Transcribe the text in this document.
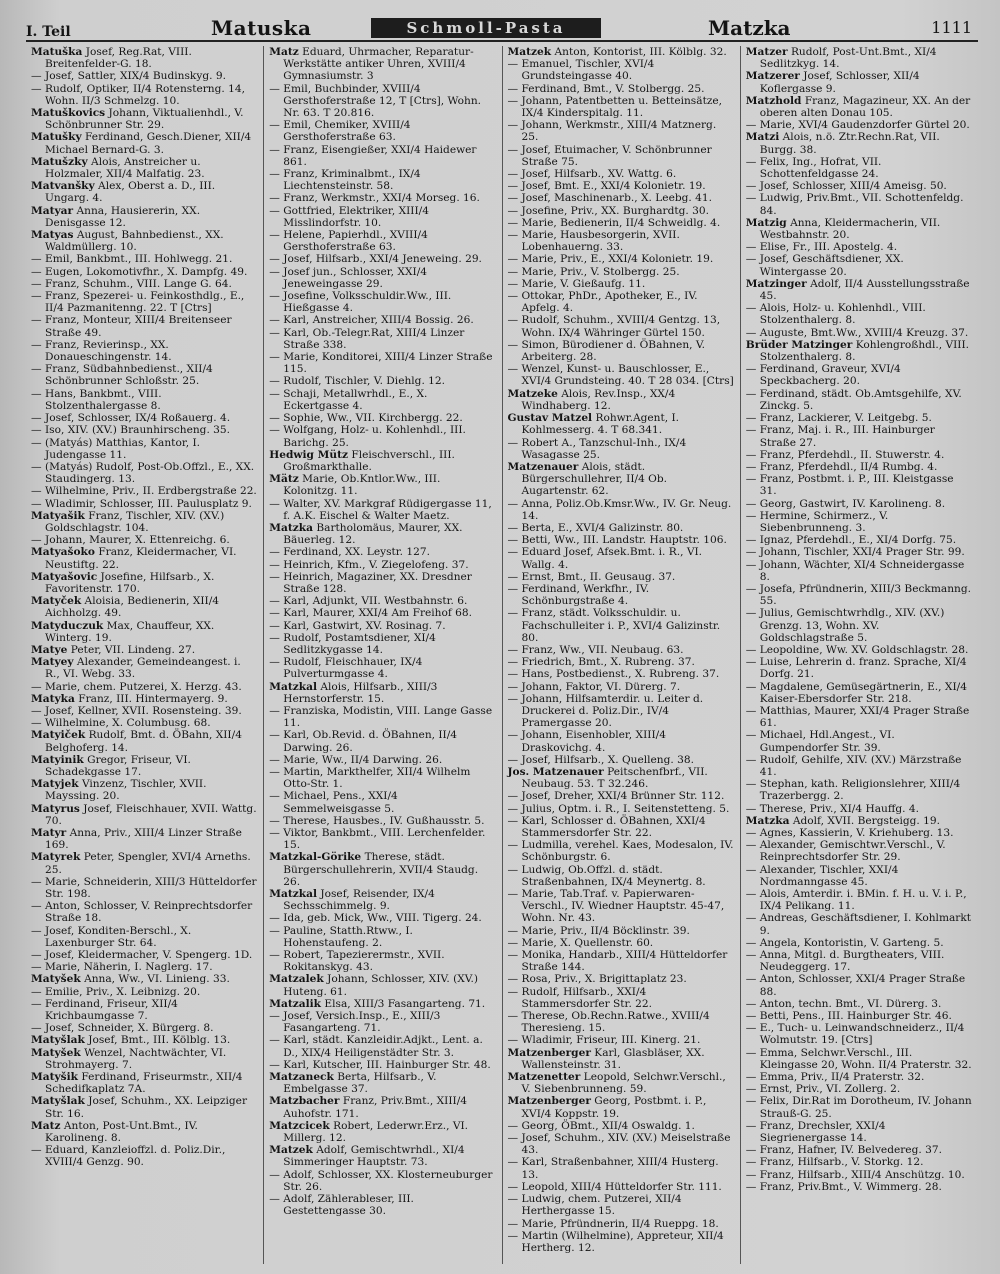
I. Teil	Matuska	Schmoll-Pasta	Matzka	1111

Matuška Josef, Reg.Rat, VIII. Breitenfelder-G. 18.

— Josef, Sattler, XIX/4 Budinskyg. 9.

— Rudolf, Optiker, II/4 Rotensterng. 14, Wohn. II/3 Schmelzg. 10.

Matuškovics Johann, Viktualienhdl., V. Schönbrunner Str. 29.

Matušky Ferdinand, Gesch.Diener, XII/4 Michael Bernard-G. 3.

Matušzky Alois, Anstreicher u. Holzmaler, XII/4 Malfatig. 23.

Matvanšky Alex, Oberst a. D., III. Ungarg. 4.

Matyar Anna, Hausiererin, XX. Denisgasse 12.

Matyas August, Bahnbedienst., XX. Waldmüllerg. 10.

— Emil, Bankbmt., III. Hohlwegg. 21.

— Eugen, Lokomotivfhr., X. Dampfg. 49.

— Franz, Schuhm., VIII. Lange G. 64.

— Franz, Spezerei- u. Feinkosthdlg., E., II/4 Pazmanitenng. 22. T [Ctrs]

— Franz, Monteur, XIII/4 Breitenseer Straße 49.

— Franz, Revierinsp., XX. Donaueschingenstr. 14.

— Franz, Südbahnbedienst., XII/4 Schönbrunner Schloßstr. 25.

— Hans, Bankbmt., VIII. Stolzenthalergasse 8.

— Josef, Schlosser, IX/4 Roßauerg. 4.

— Iso, XIV. (XV.) Braunhirscheng. 35.

— (Matyás) Matthias, Kantor, I. Judengasse 11.

— (Matyás) Rudolf, Post-Ob.Offzl., E., XX. Staudingerg. 13.

— Wilhelmine, Priv., II. Erdbergstraße 22.

— Wladimir, Schlosser, III. Paulusplatz 9.

Matyašik Franz, Tischler, XIV. (XV.) Goldschlagstr. 104.

— Johann, Maurer, X. Ettenreichg. 6.

Matyašoko Franz, Kleidermacher, VI. Neustiftg. 22.

Matyašovic Josefine, Hilfsarb., X. Favoritenstr. 170.

Matyček Aloisia, Bedienerin, XII/4 Aichholzg. 49.

Matyduczuk Max, Chauffeur, XX. Winterg. 19.

Matye Peter, VII. Lindeng. 27.

Matyey Alexander, Gemeindeangest. i. R., VI. Webg. 33.

— Marie, chem. Putzerei, X. Herzg. 43.

Matyka Franz, III. Hintermayerg. 9.

— Josef, Kellner, XVII. Rosensteing. 39.

— Wilhelmine, X. Columbusg. 68.

Matyiček Rudolf, Bmt. d. ÖBahn, XII/4 Belghoferg. 14.

Matyinik Gregor, Friseur, VI. Schadekgasse 17.

Matyjek Vinzenz, Tischler, XVII. Mayssing. 20.

Matyrus Josef, Fleischhauer, XVII. Wattg. 70.

Matyr Anna, Priv., XIII/4 Linzer Straße 169.

Matyrek Peter, Spengler, XVI/4 Arneths. 25.

— Marie, Schneiderin, XIII/3 Hütteldorfer Str. 198.

— Anton, Schlosser, V. Reinprechtsdorfer Straße 18.

— Josef, Konditen-Berschl., X. Laxenburger Str. 64.

— Josef, Kleidermacher, V. Spengerg. 1D.

— Marie, Näherin, I. Naglerg. 17.

Matyšek Anna, Ww., VI. Linieng. 33.

— Emilie, Priv., X. Leibnizg. 20.

— Ferdinand, Friseur, XII/4 Krichbaumgasse 7.

— Josef, Schneider, X. Bürgerg. 8.

Matyšlak Josef, Bmt., III. Kölblg. 13.

Matyšek Wenzel, Nachtwächter, VI. Strohmayerg. 7.

Matyšik Ferdinand, Friseurmstr., XII/4 Schedifkaplatz 7A.

Matyšlak Josef, Schuhm., XX. Leipziger Str. 16.

Matz Anton, Post-Unt.Bmt., IV. Karolineng. 8.

— Eduard, Kanzleioffzl. d. Poliz.Dir., XVIII/4 Genzg. 90.

Matz Eduard, Uhrmacher, Reparatur-Werkstätte antiker Uhren, XVIII/4 Gymnasiumstr. 3

— Emil, Buchbinder, XVIII/4 Gersthoferstraße 12, T [Ctrs], Wohn. Nr. 63. T 20.816.

— Emil, Chemiker, XVIII/4 Gersthoferstraße 63.

— Franz, Eisengießer, XXI/4 Haidewег 861.

— Franz, Kriminalbmt., IX/4 Liechtensteinstr. 58.

— Franz, Werkmstr., XXI/4 Morseg. 16.

— Gottfried, Elektriker, XIII/4 Misslindorfstr. 10.

— Helene, Papierhdl., XVIII/4 Gersthoferstraße 63.

— Josef, Hilfsarb., XXI/4 Jeneweing. 29.

— Josef jun., Schlosser, XXI/4 Jeneweingasse 29.

— Josefine, Volksschuldir.Ww., III. Hießgasse 4.

— Karl, Anstreicher, XIII/4 Bossig. 26.

— Karl, Ob.-Telegr.Rat, XIII/4 Linzer Straße 338.

— Marie, Konditorei, XIII/4 Linzer Straße 115.

— Rudolf, Tischler, V. Diehlg. 12.

— Schaji, Metallwrhdl., E., X. Eckertgasse 4.

— Sophie, Ww., VII. Kirchbergg. 22.

— Wolfgang, Holz- u. Kohlenhdl., III. Barichg. 25.

Hedwig Mütz Fleischverschl., III. Großmarkthalle.

Mätz Marie, Ob.Kntlor.Ww., III. Kolonitzg. 11.

— Walter, XV. Markgraf Rüdigergasse 11, f. A.K. Eischel & Walter Maetz.

Matzka Bartholomäus, Maurer, XX. Bäuerleg. 12.

— Ferdinand, XX. Leystr. 127.

— Heinrich, Kfm., V. Ziegelofeng. 37.

— Heinrich, Magaziner, XX. Dresdner Straße 128.

— Karl, Adjunkt, VII. Westbahnstr. 6.

— Karl, Maurer, XXI/4 Am Freihof 68.

— Karl, Gastwirt, XV. Rosinag. 7.

— Rudolf, Postamtsdiener, XI/4 Sedlitzkygasse 14.

— Rudolf, Fleischhauer, IX/4 Pulverturmgasse 4.

Matzkal Alois, Hilfsarb., XIII/3 Hernstorferstr. 15.

— Franziska, Modistin, VIII. Lange Gasse 11.

— Karl, Ob.Revid. d. ÖBahnen, II/4 Darwing. 26.

— Marie, Ww., II/4 Darwing. 26.

— Martin, Markthelfer, XII/4 Wilhelm Otto-Str. 1.

— Michael, Pens., XXI/4 Semmelweisgasse 5.

— Therese, Hausbes., IV. Gußhausstr. 5.

— Viktor, Bankbmt., VIII. Lerchenfelder. 15.

Matzkal-Görike Therese, städt. Bürgerschullehrerin, XVII/4 Staudg. 26.

Matzkal Josef, Reisender, IX/4 Sechsschimmelg. 9.

— Ida, geb. Mick, Ww., VIII. Tigerg. 24.

— Pauline, Statth.Rtww., I. Hohenstaufeng. 2.

— Robert, Tapezierermstr., XVII. Rokitanskyg. 43.

Matzalek Johann, Schlosser, XIV. (XV.) Huteng. 61.

Matzalik Elsa, XIII/3 Fasangarteng. 71.

— Josef, Versich.Insp., E., XIII/3 Fasangarteng. 71.

— Karl, städt. Kanzleidir.Adjkt., Lent. a. D., XIX/4 Heiligenstädter Str. 3.

— Karl, Kutscher, III. Hainburger Str. 48.

Matzaneck Berta, Hilfsarb., V. Embelgasse 37.

Matzbacher Franz, Priv.Bmt., XIII/4 Auhofstr. 171.

Matzcicek Robert, Lederwr.Erz., VI. Millerg. 12.

Matzek Adolf, Gemischtwrhdl., XI/4 Simmeringer Hauptstr. 73.

— Adolf, Schlosser, XX. Klosterneuburger Str. 26.

— Adolf, Zählerableser, III. Gestettengasse 30.

Matzek Anton, Kontorist, III. Kölblg. 32.

— Emanuel, Tischler, XVI/4 Grundsteingasse 40.

— Ferdinand, Bmt., V. Stolbergg. 25.

— Johann, Patentbetten u. Betteinsätze, IX/4 Kinderspitalg. 11.

— Johann, Werkmstr., XIII/4 Matznerg. 25.

— Josef, Etuimacher, V. Schönbrunner Straße 75.

— Josef, Hilfsarb., XV. Wattg. 6.

— Josef, Bmt. E., XXI/4 Kolonietr. 19.

— Josef, Maschinenarb., X. Leebg. 41.

— Josefine, Priv., XX. Burghardtg. 30.

— Marie, Bedienerin, II/4 Schweidlg. 4.

— Marie, Hausbesorgerin, XVII. Lobenhauerng. 33.

— Marie, Priv., E., XXI/4 Kolonietr. 19.

— Marie, Priv., V. Stolbergg. 25.

— Marie, V. Gießaufg. 11.

— Ottokar, PhDr., Apotheker, E., IV. Apfelg. 4.

— Rudolf, Schuhm., XVIII/4 Gentzg. 13, Wohn. IX/4 Währinger Gürtel 150.

— Simon, Bürodiener d. ÖBahnen, V. Arbeiterg. 28.

— Wenzel, Kunst- u. Bauschlosser, E., XVI/4 Grundsteing. 40. T 28 034. [Ctrs]

Matzeke Alois, Rev.Insp., XX/4 Windhaberg. 12.

Gustav Matzel Rohwr.Agent, I. Kohlmesserg. 4. T 68.341.

— Robert A., Tanzschul-Inh., IX/4 Wasagasse 25.

Matzenauer Alois, städt. Bürgerschullehrer, II/4 Ob. Augartenstr. 62.

— Anna, Poliz.Ob.Kmsr.Ww., IV. Gr. Neug. 14.

— Berta, E., XVI/4 Galizinstr. 80.

— Betti, Ww., III. Landstr. Hauptstr. 106.

— Eduard Josef, Afsek.Bmt. i. R., VI. Wallg. 4.

— Ernst, Bmt., II. Geusaug. 37.

— Ferdinand, Werkfhr., IV. Schönburgstraße 4.

— Franz, städt. Volksschuldir. u. Fachschulleiter i. P., XVI/4 Galizinstr. 80.

— Franz, Ww., VII. Neubaug. 63.

— Friedrich, Bmt., X. Rubreng. 37.

— Hans, Postbedienst., X. Rubreng. 37.

— Johann, Faktor, VI. Dürerg. 7.

— Johann, Hilfsamterdir. u. Leiter d. Druckerei d. Poliz.Dir., IV/4 Pramergasse 20.

— Johann, Eisenhobler, XIII/4 Draskovichg. 4.

— Josef, Hilfsarb., X. Quelleng. 38.

Jos. Matzenauer Peitschenfbrf., VII. Neubaug. 53. T 32.246.

— Josef, Dreher, XXI/4 Brünner Str. 112.

— Julius, Optm. i. R., I. Seitenstetteng. 5.

— Karl, Schlosser d. ÖBahnen, XXI/4 Stammersdorfer Str. 22.

— Ludmilla, verehel. Kaes, Modesalon, IV. Schönburgstr. 6.

— Ludwig, Ob.Offzl. d. städt. Straßenbahnen, IX/4 Meynertg. 8.

— Marie, Tab.Traf. v. Papierwaren-Verschl., IV. Wiedner Hauptstr. 45-47, Wohn. Nr. 43.

— Marie, Priv., II/4 Böcklinstr. 39.

— Marie, X. Quellenstr. 60.

— Monika, Handarb., XIII/4 Hütteldorfer Straße 144.

— Rosa, Priv., X. Brigittaplatz 23.

— Rudolf, Hilfsarb., XXI/4 Stammersdorfer Str. 22.

— Therese, Ob.Rechn.Ratwe., XVIII/4 Theresieng. 15.

— Wladimir, Friseur, III. Kinerg. 21.

Matzenberger Karl, Glasbläser, XX. Wallensteinstr. 31.

Matzenetter Leopold, Selchwr.Verschl., V. Siebenbrunneng. 59.

Matzenberger Georg, Postbmt. i. P., XVI/4 Koppstr. 19.

— Georg, ÖBmt., XII/4 Oswaldg. 1.

— Josef, Schuhm., XIV. (XV.) Meiselstraße 43.

— Karl, Straßenbahner, XIII/4 Husterg. 13.

— Leopold, XIII/4 Hütteldorfer Str. 111.

— Ludwig, chem. Putzerei, XII/4 Herthergasse 15.

— Marie, Pfründnerin, II/4 Rueppg. 18.

— Martin (Wilhelmine), Appreteur, XII/4 Hertherg. 12.

Matzer Rudolf, Post-Unt.Bmt., XI/4 Sedlitzkyg. 14.

Matzerer Josef, Schlosser, XII/4 Koflergasse 9.

Matzhold Franz, Magazineur, XX. An der oberen alten Donau 105.

— Marie, XVI/4 Gaudenzdorfer Gürtel 20.

Matzi Alois, n.ö. Ztr.Rechn.Rat, VII. Burgg. 38.

— Felix, Ing., Hofrat, VII. Schottenfeldgasse 24.

— Josef, Schlosser, XIII/4 Ameisg. 50.

— Ludwig, Priv.Bmt., VII. Schottenfeldg. 84.

Matzig Anna, Kleidermacherin, VII. Westbahnstr. 20.

— Elise, Fr., III. Apostelg. 4.

— Josef, Geschäftsdiener, XX. Wintergasse 20.

Matzinger Adolf, II/4 Ausstellungsstraße 45.

— Alois, Holz- u. Kohlenhdl., VIII. Stolzenthalerg. 8.

— Auguste, Bmt.Ww., XVIII/4 Kreuzg. 37.

Brüder Matzinger Kohlengroßhdl., VIII. Stolzenthalerg. 8.

— Ferdinand, Graveur, XVI/4 Speckbacherg. 20.

— Ferdinand, städt. Ob.Amtsgehilfe, XV. Zinckg. 5.

— Franz, Lackierer, V. Leitgebg. 5.

— Franz, Maj. i. R., III. Hainburger Straße 27.

— Franz, Pferdehdl., II. Stuwerstr. 4.

— Franz, Pferdehdl., II/4 Rumbg. 4.

— Franz, Postbmt. i. P., III. Kleistgasse 31.

— Georg, Gastwirt, IV. Karolineng. 8.

— Hermine, Schirmerz., V. Siebenbrunneng. 3.

— Ignaz, Pferdehdl., E., XI/4 Dorfg. 75.

— Johann, Tischler, XXI/4 Prager Str. 99.

— Johann, Wächter, XI/4 Schneidergasse 8.

— Josefa, Pfründnerin, XIII/3 Beckmanng. 55.

— Julius, Gemischtwrhdlg., XIV. (XV.) Grenzg. 13, Wohn. XV. Goldschlagstraße 5.

— Leopoldine, Ww. XV. Goldschlagstr. 28.

— Luise, Lehrerin d. franz. Sprache, XI/4 Dorfg. 21.

— Magdalene, Gemüsegärtnerin, E., XI/4 Kaiser-Ebersdorfer Str. 218.

— Matthias, Maurer, XXI/4 Prager Straße 61.

— Michael, Hdl.Angest., VI. Gumpendorfer Str. 39.

— Rudolf, Gehilfe, XIV. (XV.) Märzstraße 41.

— Stephan, kath. Religionslehrer, XIII/4 Trazerbergg. 2.

— Therese, Priv., XI/4 Hauffg. 4.

Matzka Adolf, XVII. Bergsteigg. 19.

— Agnes, Kassierin, V. Kriehuberg. 13.

— Alexander, Gemischtwr.Verschl., V. Reinprechtsdorfer Str. 29.

— Alexander, Tischler, XXI/4 Nordmanngasse 45.

— Alois, Amterdir. i. BMin. f. H. u. V. i. P., IX/4 Pelikang. 11.

— Andreas, Geschäftsdiener, I. Kohlmarkt 9.

— Angela, Kontoristin, V. Garteng. 5.

— Anna, Mitgl. d. Burgtheaters, VIII. Neudeggerg. 17.

— Anton, Schlosser, XXI/4 Prager Straße 88.

— Anton, techn. Bmt., VI. Dürerg. 3.

— Betti, Pens., III. Hainburger Str. 46.

— E., Tuch- u. Leinwandschneiderz., II/4 Wolmutstr. 19. [Ctrs]

— Emma, Selchwr.Verschl., III. Kleingasse 20, Wohn. II/4 Praterstr. 32.

— Emma, Priv., II/4 Praterstr. 32.

— Ernst, Priv., VI. Zollerg. 2.

— Felix, Dir.Rat im Dorotheum, IV. Johann Strauß-G. 25.

— Franz, Drechsler, XXI/4 Siegrienergasse 14.

— Franz, Hafner, IV. Belvedereg. 37.

— Franz, Hilfsarb., V. Storkg. 12.

— Franz, Hilfsarb., XIII/4 Anschützg. 10.

— Franz, Priv.Bmt., V. Wimmerg. 28.
